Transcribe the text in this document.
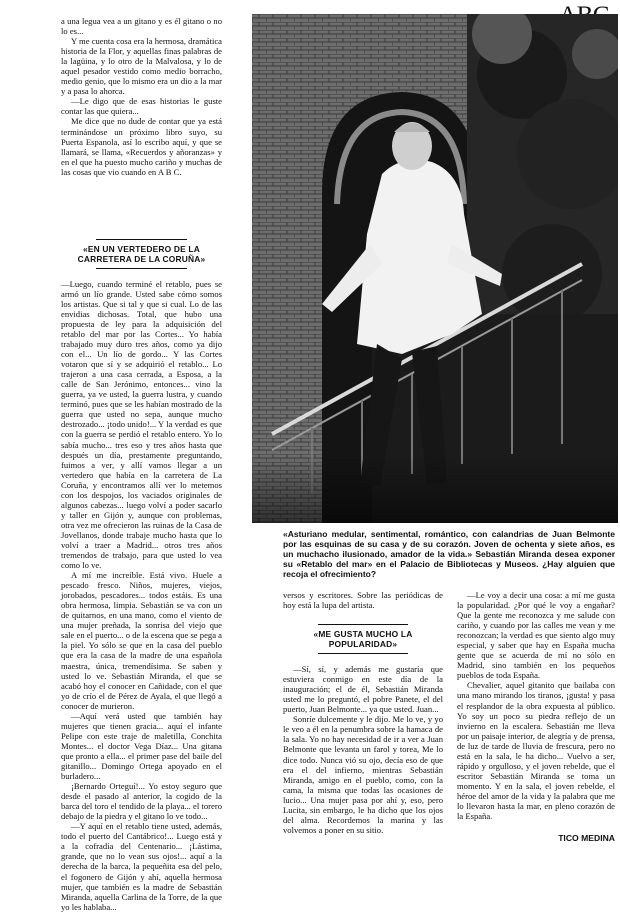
a una legua vea a un gitano y es él gitano o no lo es...

Y me cuenta cosa era la hermosa, dramática historia de la Flor, y aquellas finas palabras de la lagüina, y lo otro de la Malvalosa, y lo de aquel pesador vestido como medio borracho, medio genio, que lo mismo era un dio a la mar y a pasa lo ahorca.

—Le digo que de esas historias le guste contar las que quiera...

Me dice que no dude de contar que ya está terminándose un próximo libro suyo, su Puerta Espanola, así lo escribo aquí, y que se llamará, se llama, «Recuerdos y añoranzas» y en el que ha puesto mucho cariño y muchas de las cosas que vio cuando en A B C.

«EN UN VERTEDERO DE LA CARRETERA DE LA CORUÑA»

—Luego, cuando terminé el retablo, pues se armó un lío grande. Usted sabe cómo somos los artistas. Que si tal y que si cual. Lo de las envidias dichosas. Total, que hubo una propuesta de ley para la adquisición del retablo del mar por las Cortes... Yo había trabajado muy duro tres años, como ya dijo con el... Un lío de gordo... Y las Cortes votaron que sí y se adquirió el retablo... Lo trajeron a una casa cerrada, a Esposa, a la calle de San Jerónimo, entonces... vino la guerra, ya ve usted, la guerra lustra, y cuando terminó, pues que se les habían mostrado de la guerra que usted no sepa, aunque mucho destrozado... ¡todo unido!... Y la verdad es que con la guerra se perdió el retablo entero. Yo lo sabía mucho... tres eso y tres años hasta que después un día, prestamente preguntando, fuimos a ver, y allí vamos llegar a un vertedero que había en la carretera de La Coruña, y encontramos allí ver lo metemos con los despojos, los vaciados originales de algunos cabezas... luego volví a poder sacarlo y taller en Gijón y, aunque con problemas, otra vez me ofrecieron las ruinas de la Casa de Jovellanos, donde trabaje mucho hasta que lo volví a traer a Madrid... otros tres años tremendos de trabajo, para que usted lo vea como lo ve.

A mí me increíble. Está vivo. Huele a pescado fresco. Niños, mujeres, viejos, jorobados, pescadores... todos estáis. Es una obra hermosa, limpia. Sebastián se va con un de quitarnos, en una mano, como el viento de una mujer preñada, la sonrisa del viejo que sale en el puerto... o de la escena que se pega a la piel. Yo sólo se que en la casa del pueblo que era la casa de la madre de una española maestra, única, tremendísima. Se saben y usted lo ve. Sebastián Miranda, el que se acabó hoy el conocer en Cañidade, con el que yo de crío el de Pérez de Ayala, el que llegó a conocer de murieron.

—Aquí verá usted que también hay mujeres que tienen gracia... aquí el infante Pelipe con este traje de maletilla, Conchita Montes... el doctor Vega Díaz... Una gitana que pronto a ella... el primer pase del baile del gitanillo... Domingo Ortega apoyado en el burladero...

¡Bernardo Orteguí!... Yo estoy seguro que desde el pasado al anterior, la cogido de la barca del toro el tendido de la playa... el torero debajo de la piedra y el gitano lo ve todo...

—Y aquí en el retablo tiene usted, además, todo el puerto del Cantábrico!... Luego está y a la cofradía del Centenario... ¡Lástima, grande, que no lo vean sus ojos!... aquí a la derecha de la barca, la pequeñita esa del pelo, el fogonero de Gijón y ahí, aquella hermosa mujer, que también es la madre de Sebastián Miranda, aquella Carlina de la Torre, de la que yo les hablaba...

«Asturiano medular, sentimental, romántico, con calandrias de Juan Belmonte por las esquinas de su casa y de su corazón. Joven de ochenta y siete años, es un muchacho ilusionado, amador de la vida.» Sebastián Miranda desea exponer su «Retablo del mar» en el Palacio de Bibliotecas y Museos. ¿Hay alguien que recoja el ofrecimiento?

versos y escritores. Sobre las periódicas de hoy está la lupa del artista.

«ME GUSTA MUCHO LA POPULARIDAD»

—Sí, sí, y además me gustaría que estuviera conmigo en este día de la inauguración; el de él, Sebastián Miranda usted me lo preguntó, el pobre Panete, el del puerto, Juan Belmonte... ya que usted. Juan...

Sonríe dulcemente y le dijo. Me lo ve, y yo le veo a él en la penumbra sobre la hamaca de la sala. Yo no hay necesidad de ir a ver a Juan Belmonte que levanta un farol y torea, Me lo dice todo. Nunca vió su ojo, decía eso de que era el del infierno, mientras Sebastián Miranda, amigo en el pueblo, como, con la cama, la misma que todas las ocasiones de lucio... Una mujer pasa por ahí y, eso, pero Lucita, sin embargo, le ha dicho que los ojos del alma. Recordemos la marina y las volvemos a poner en su sitio.

—Le voy a decir una cosa: a mí me gusta la popularidad. ¿Por qué le voy a engañar? Que la gente me reconozca y me salude con cariño, y cuando por las calles me vean y me reconozcan; la verdad es que siento algo muy especial, y saber que hay en España mucha gente que se acuerda de mí no sólo en Madrid, sino también en los pequeños pueblos de toda España.

Chevalier, aquel gitanito que bailaba con una mano mirando los tiranos, ¡gusta! y pasa el resplandor de la obra expuesta al público. Yo soy un poco su piedra reflejo de un invierno en la escalera. Sebastián me lleva por un paisaje interior, de alegría y de prensa, de luz de tarde de lluvia de frescura, pero no está en la sala, le ha dicho... Vuelvo a ser, rápido y orgulloso, y el joven rebelde, que el escritor Sebastián Miranda se toma un momento. Y en la sala, el joven rebelde, el héroe del amor de la vida y la palabra que me lo llevaron hasta la mar, en pleno corazón de la España.

TICO MEDINA
